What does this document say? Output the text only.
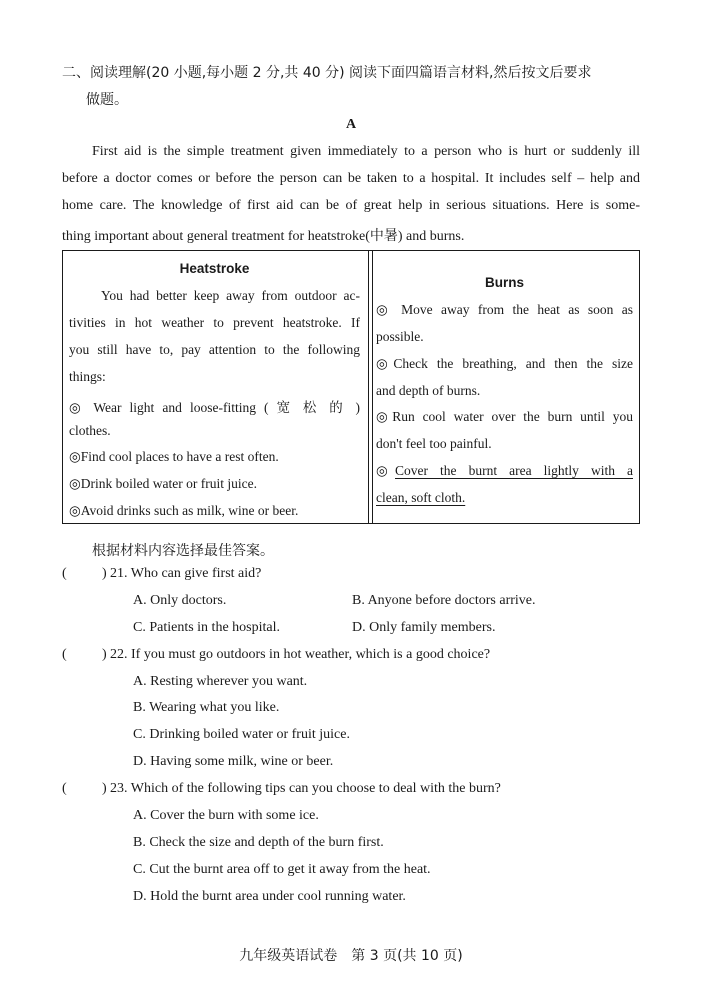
二、阅读理解(20 小题,每小题 2 分,共 40 分) 阅读下面四篇语言材料,然后按文后要求
做题。
A
First aid is the simple treatment given immediately to a person who is hurt or suddenly ill
before a doctor comes or before the person can be taken to a hospital. It includes self – help and
home care. The knowledge of first aid can be of great help in serious situations. Here is some-
thing important about general treatment for heatstroke(中暑) and burns.
Heatstroke
You had better keep away from outdoor ac-
tivities in hot weather to prevent heatstroke. If
you still have to, pay attention to the following
things:
◎ Wear light and loose-fitting ( 宽 松 的 )
clothes.
◎Find cool places to have a rest often.
◎Drink boiled water or fruit juice.
◎Avoid drinks such as milk, wine or beer.
Burns
◎ Move away from the heat as soon as
possible.
◎Check the breathing, and then the size
and depth of burns.
◎Run cool water over the burn until you
don't feel too painful.
◎ Cover the burnt area lightly with a
clean, soft cloth.
根据材料内容选择最佳答案。
(	) 21. Who can give first aid?
A. Only doctors.	B. Anyone before doctors arrive.
C. Patients in the hospital.	D. Only family members.
(	) 22. If you must go outdoors in hot weather, which is a good choice?
A. Resting wherever you want.
B. Wearing what you like.
C. Drinking boiled water or fruit juice.
D. Having some milk, wine or beer.
(	) 23. Which of the following tips can you choose to deal with the burn?
A. Cover the burn with some ice.
B. Check the size and depth of the burn first.
C. Cut the burnt area off to get it away from the heat.
D. Hold the burnt area under cool running water.
九年级英语试卷　第 3 页(共 10 页)
